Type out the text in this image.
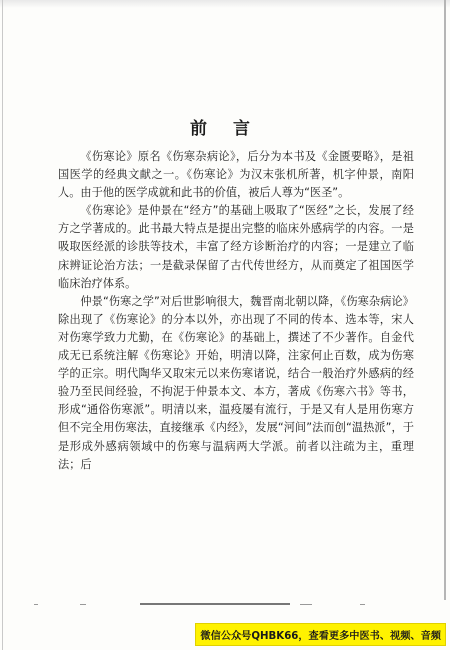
前 言

《伤寒论》原名《伤寒杂病论》，后分为本书及《金匮要略》，是祖国医学的经典文献之一。《伤寒论》为汉末张机所著，机字仲景，南阳人。由于他的医学成就和此书的价值，被后人尊为“医圣”。

《伤寒论》是仲景在“经方”的基础上吸取了“医经”之长，发展了经方之学著成的。此书最大特点是提出完整的临床外感病学的内容。一是吸取医经派的诊肤等技术，丰富了经方诊断治疗的内容；一是建立了临床辨证论治方法；一是截录保留了古代传世经方，从而奠定了祖国医学临床治疗体系。

仲景“伤寒之学”对后世影响很大，魏晋南北朝以降，《伤寒杂病论》除出现了《伤寒论》的分本以外，亦出现了不同的传本、选本等，宋人对伤寒学致力尤勤，在《伤寒论》的基础上，撰述了不少著作。自金代成无已系统注解《伤寒论》开始，明清以降，注家何止百数，成为伤寒学的正宗。明代陶华又取宋元以来伤寒诸说，结合一般治疗外感病的经验乃至民间经验，不拘泥于仲景本文、本方，著成《伤寒六书》等书，形成“通俗伤寒派”。明清以来，温疫屡有流行，于是又有人是用伤寒方但不完全用伤寒法，直接继承《内经》，发展“河间”法而创“温热派”，于是形成外感病领域中的伤寒与温病两大学派。前者以注疏为主，重理法；后

微信公众号QHBK66，查看更多中医书、视频、音频
